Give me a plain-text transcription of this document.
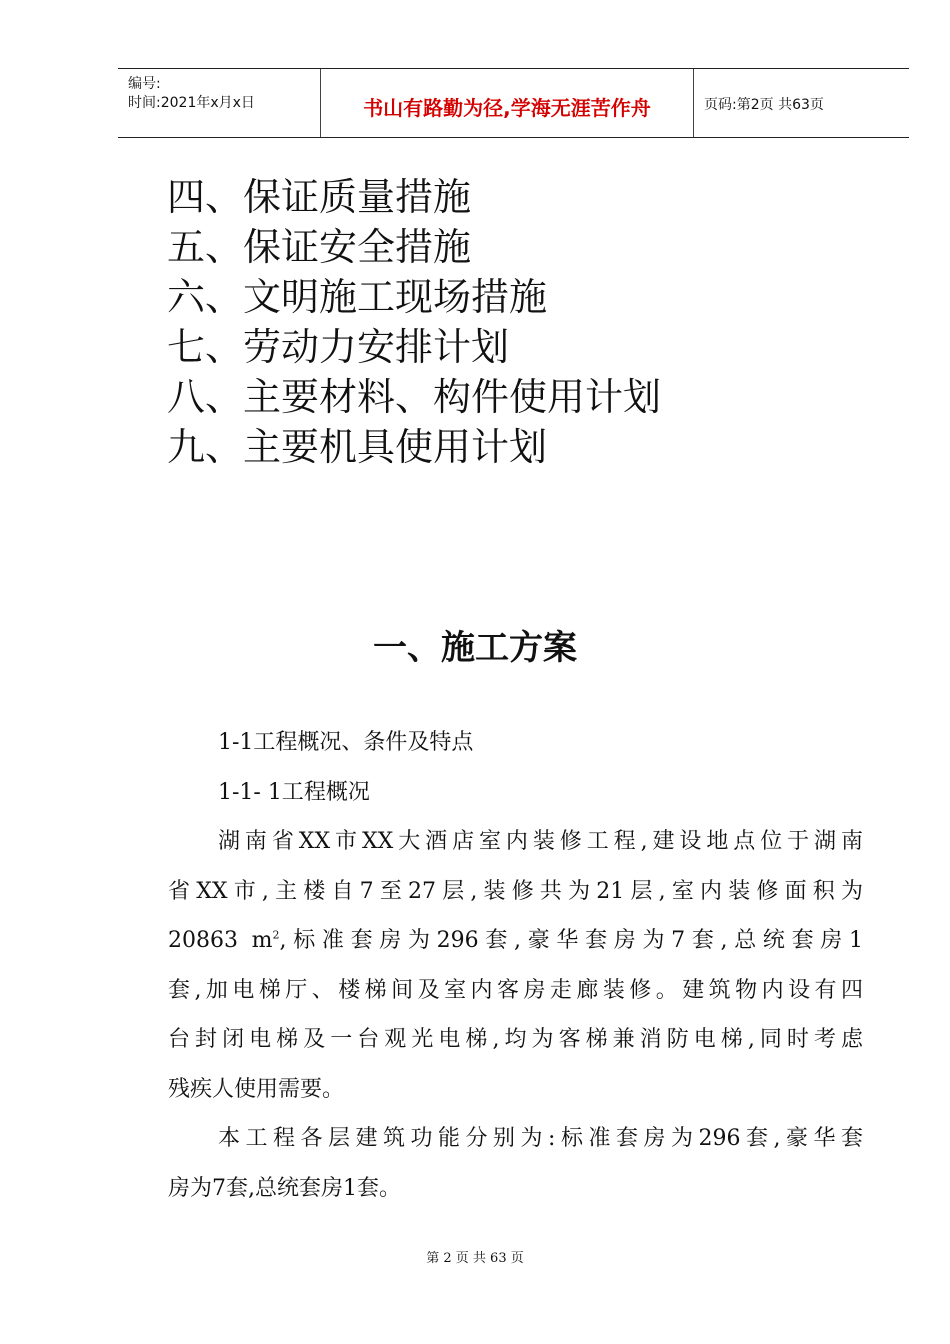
编号:
时间:2021年x月x日	书山有路勤为径,学海无涯苦作舟	页码:第2页 共63页
四、保证质量措施
五、保证安全措施
六、文明施工现场措施
七、劳动力安排计划
八、主要材料、构件使用计划
九、主要机具使用计划
一、施工方案
1-1工程概况、条件及特点
1-1- 1工程概况
湖南省XX市XX大酒店室内装修工程,建设地点位于湖南
省XX市,主楼自7至27层,装修共为21层,室内装修面积为
20863 $m^2$,标准套房为296套,豪华套房为7套,总统套房1
套,加电梯厅、楼梯间及室内客房走廊装修。建筑物内设有四
台封闭电梯及一台观光电梯,均为客梯兼消防电梯,同时考虑
残疾人使用需要。
本工程各层建筑功能分别为:标准套房为296套,豪华套
房为7套,总统套房1套。
第 2 页 共 63 页
